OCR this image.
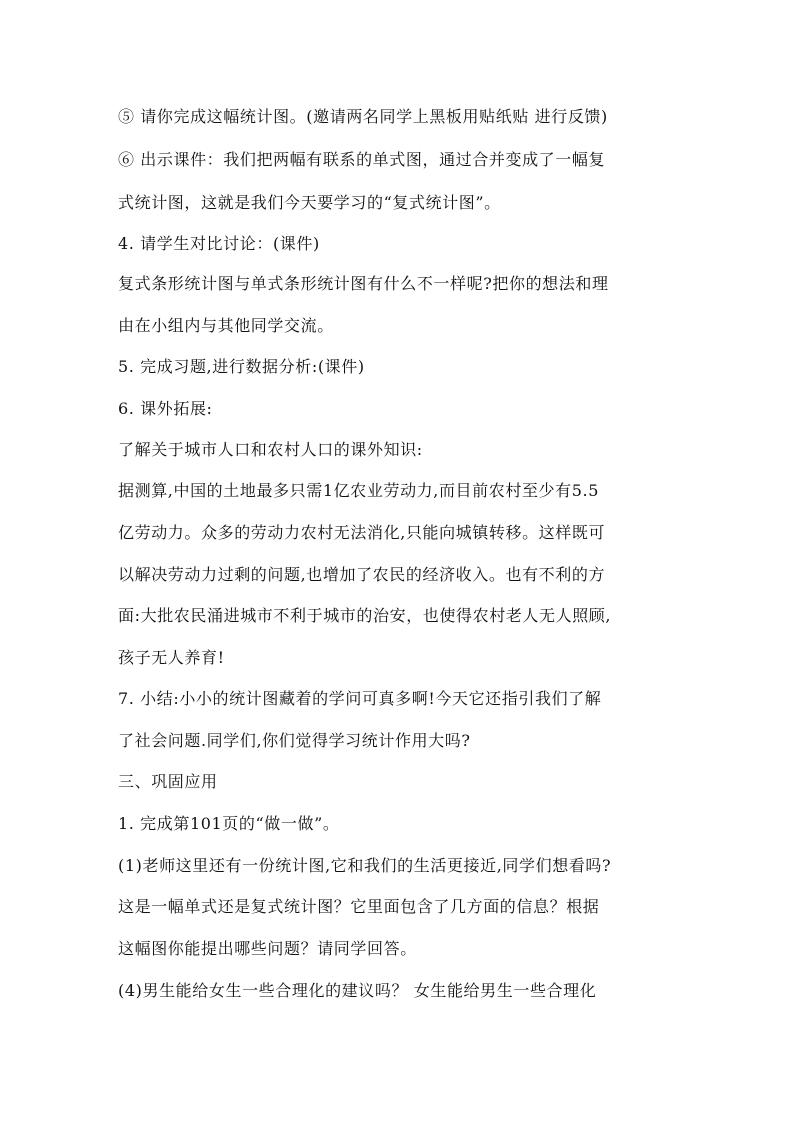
⑤ 请你完成这幅统计图。(邀请两名同学上黑板用贴纸贴 进行反馈)
⑥ 出示课件：我们把两幅有联系的单式图，通过合并变成了一幅复
式统计图，这就是我们今天要学习的“复式统计图”。
4. 请学生对比讨论：(课件)
复式条形统计图与单式条形统计图有什么不一样呢?把你的想法和理
由在小组内与其他同学交流。
5. 完成习题,进行数据分析:(课件)
6. 课外拓展:
了解关于城市人口和农村人口的课外知识:
据测算,中国的土地最多只需1亿农业劳动力,而目前农村至少有5.5
亿劳动力。众多的劳动力农村无法消化,只能向城镇转移。这样既可
以解决劳动力过剩的问题,也增加了农民的经济收入。也有不利的方
面:大批农民涌进城市不利于城市的治安，也使得农村老人无人照顾,
孩子无人养育!
7. 小结:小小的统计图藏着的学问可真多啊!今天它还指引我们了解
了社会问题.同学们,你们觉得学习统计作用大吗?
三、巩固应用
1. 完成第101页的“做一做”。
(1)老师这里还有一份统计图,它和我们的生活更接近,同学们想看吗?
这是一幅单式还是复式统计图？它里面包含了几方面的信息？根据
这幅图你能提出哪些问题？请同学回答。
(4)男生能给女生一些合理化的建议吗？ 女生能给男生一些合理化
